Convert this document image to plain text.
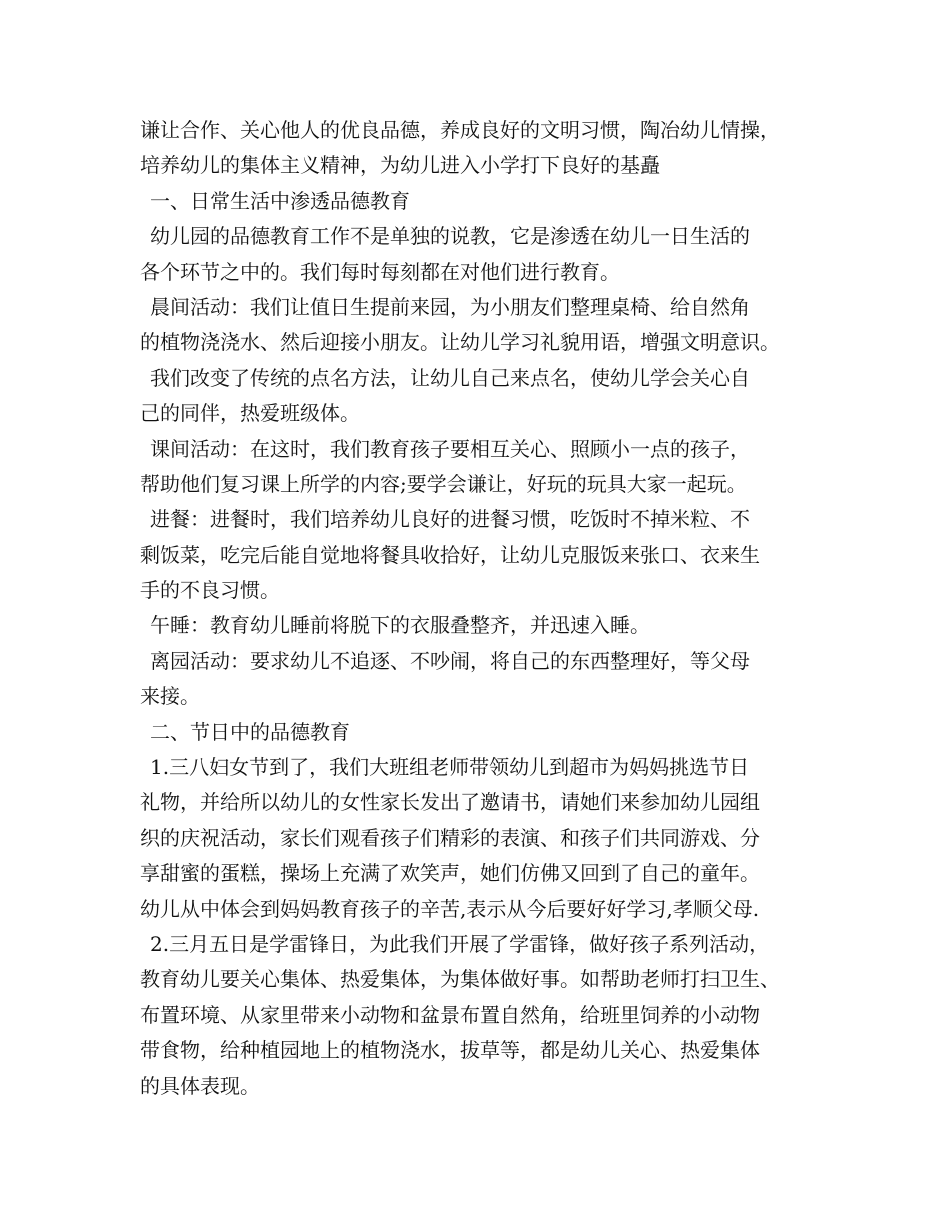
谦让合作、关心他人的优良品德，养成良好的文明习惯，陶冶幼儿情操，
培养幼儿的集体主义精神，为幼儿进入小学打下良好的基矗
一、日常生活中渗透品德教育
幼儿园的品德教育工作不是单独的说教，它是渗透在幼儿一日生活的
各个环节之中的。我们每时每刻都在对他们进行教育。
晨间活动：我们让值日生提前来园，为小朋友们整理桌椅、给自然角
的植物浇浇水、然后迎接小朋友。让幼儿学习礼貌用语，增强文明意识。
我们改变了传统的点名方法，让幼儿自己来点名，使幼儿学会关心自
己的同伴，热爱班级体。
课间活动：在这时，我们教育孩子要相互关心、照顾小一点的孩子，
帮助他们复习课上所学的内容;要学会谦让，好玩的玩具大家一起玩。
进餐：进餐时，我们培养幼儿良好的进餐习惯，吃饭时不掉米粒、不
剩饭菜，吃完后能自觉地将餐具收拾好，让幼儿克服饭来张口、衣来生
手的不良习惯。
午睡：教育幼儿睡前将脱下的衣服叠整齐，并迅速入睡。
离园活动：要求幼儿不追逐、不吵闹，将自己的东西整理好，等父母
来接。
二、节日中的品德教育
1.三八妇女节到了，我们大班组老师带领幼儿到超市为妈妈挑选节日
礼物，并给所以幼儿的女性家长发出了邀请书，请她们来参加幼儿园组
织的庆祝活动，家长们观看孩子们精彩的表演、和孩子们共同游戏、分
享甜蜜的蛋糕，操场上充满了欢笑声，她们仿佛又回到了自己的童年。
幼儿从中体会到妈妈教育孩子的辛苦,表示从今后要好好学习,孝顺父母.
2.三月五日是学雷锋日，为此我们开展了学雷锋，做好孩子系列活动，
教育幼儿要关心集体、热爱集体，为集体做好事。如帮助老师打扫卫生、
布置环境、从家里带来小动物和盆景布置自然角，给班里饲养的小动物
带食物，给种植园地上的植物浇水，拔草等，都是幼儿关心、热爱集体
的具体表现。
